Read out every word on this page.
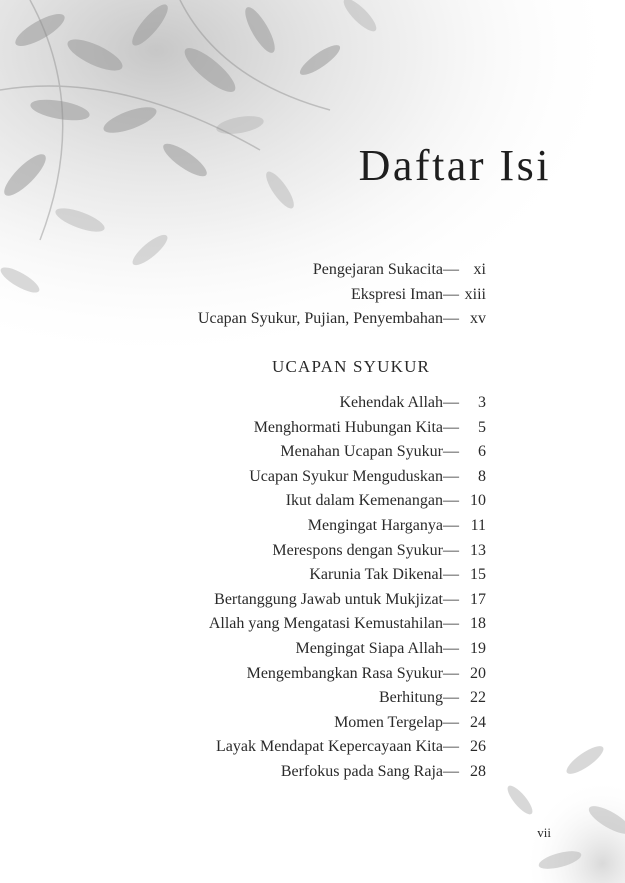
Daftar Isi
Pengejaran Sukacita — xi
Ekspresi Iman — xiii
Ucapan Syukur, Pujian, Penyembahan — xv
UCAPAN SYUKUR
Kehendak Allah — 3
Menghormati Hubungan Kita — 5
Menahan Ucapan Syukur — 6
Ucapan Syukur Menguduskan — 8
Ikut dalam Kemenangan — 10
Mengingat Harganya — 11
Merespons dengan Syukur — 13
Karunia Tak Dikenal — 15
Bertanggung Jawab untuk Mukjizat — 17
Allah yang Mengatasi Kemustahilan — 18
Mengingat Siapa Allah — 19
Mengembangkan Rasa Syukur — 20
Berhitung — 22
Momen Tergelap — 24
Layak Mendapat Kepercayaan Kita — 26
Berfokus pada Sang Raja — 28
vii
